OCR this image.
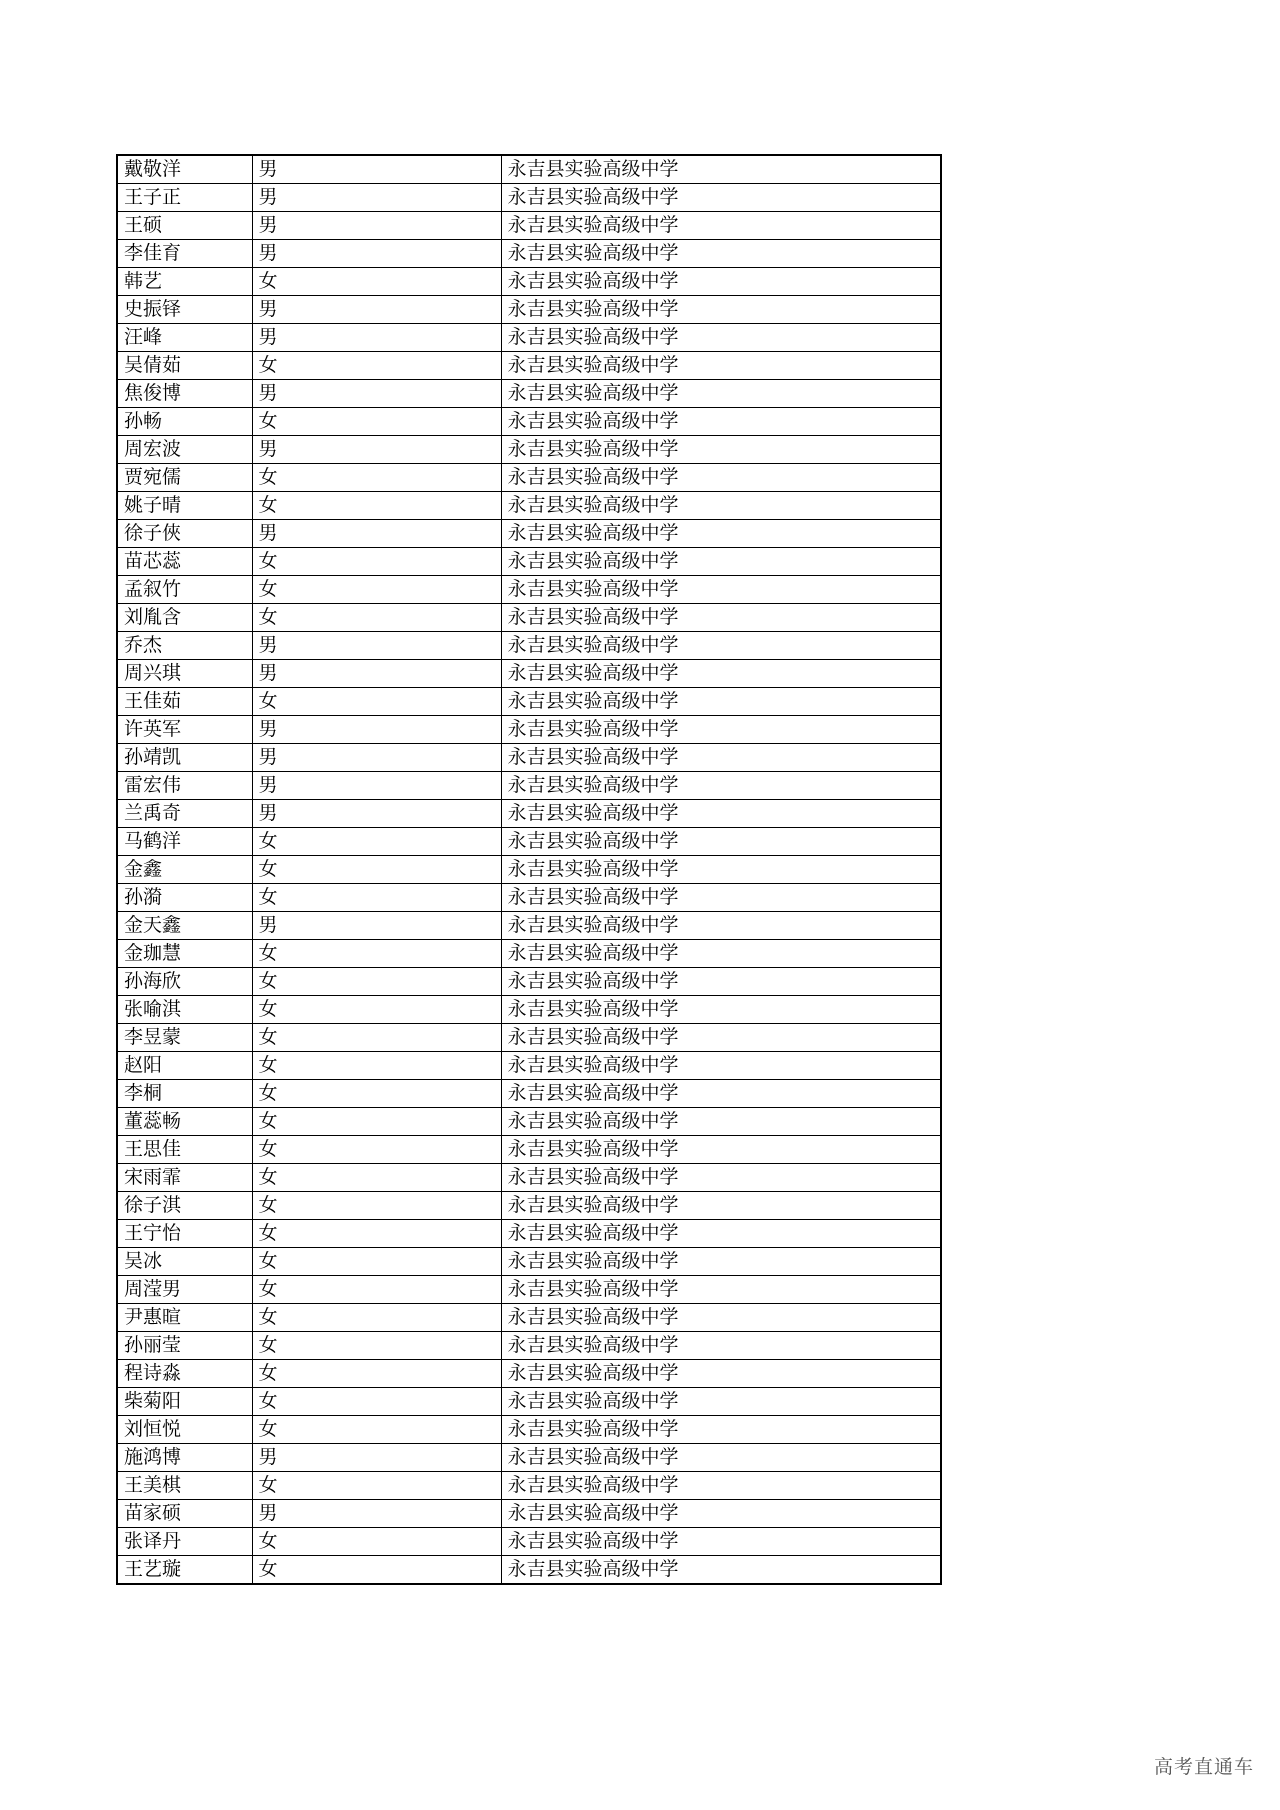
戴敬洋	男	永吉县实验高级中学
王子正	男	永吉县实验高级中学
王硕	男	永吉县实验高级中学
李佳育	男	永吉县实验高级中学
韩艺	女	永吉县实验高级中学
史振铎	男	永吉县实验高级中学
汪峰	男	永吉县实验高级中学
吴倩茹	女	永吉县实验高级中学
焦俊博	男	永吉县实验高级中学
孙畅	女	永吉县实验高级中学
周宏波	男	永吉县实验高级中学
贾宛儒	女	永吉县实验高级中学
姚子晴	女	永吉县实验高级中学
徐子俠	男	永吉县实验高级中学
苗芯蕊	女	永吉县实验高级中学
孟叙竹	女	永吉县实验高级中学
刘胤含	女	永吉县实验高级中学
乔杰	男	永吉县实验高级中学
周兴琪	男	永吉县实验高级中学
王佳茹	女	永吉县实验高级中学
许英军	男	永吉县实验高级中学
孙靖凯	男	永吉县实验高级中学
雷宏伟	男	永吉县实验高级中学
兰禹奇	男	永吉县实验高级中学
马鹤洋	女	永吉县实验高级中学
金鑫	女	永吉县实验高级中学
孙漪	女	永吉县实验高级中学
金天鑫	男	永吉县实验高级中学
金珈慧	女	永吉县实验高级中学
孙海欣	女	永吉县实验高级中学
张喻淇	女	永吉县实验高级中学
李昱蒙	女	永吉县实验高级中学
赵阳	女	永吉县实验高级中学
李桐	女	永吉县实验高级中学
董蕊畅	女	永吉县实验高级中学
王思佳	女	永吉县实验高级中学
宋雨霏	女	永吉县实验高级中学
徐子淇	女	永吉县实验高级中学
王宁怡	女	永吉县实验高级中学
吴冰	女	永吉县实验高级中学
周滢男	女	永吉县实验高级中学
尹惠暄	女	永吉县实验高级中学
孙丽莹	女	永吉县实验高级中学
程诗淼	女	永吉县实验高级中学
柴菊阳	女	永吉县实验高级中学
刘恒悦	女	永吉县实验高级中学
施鸿博	男	永吉县实验高级中学
王美棋	女	永吉县实验高级中学
苗家硕	男	永吉县实验高级中学
张译丹	女	永吉县实验高级中学
王艺璇	女	永吉县实验高级中学
高考直通车
